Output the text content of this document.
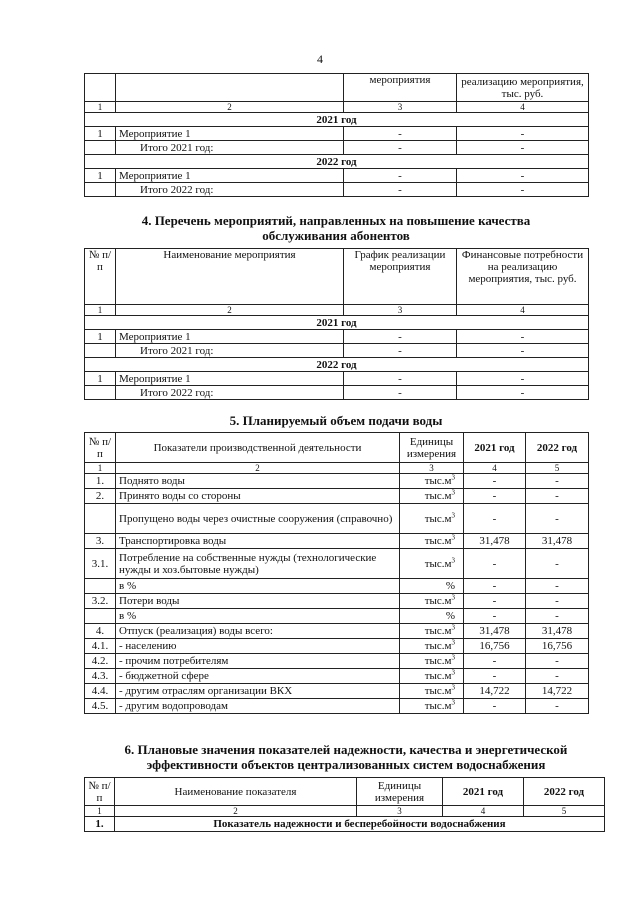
4
		мероприятия	реализацию мероприятия, тыс. руб.
1	2	3	4
2021 год			
1	Мероприятие 1	-	-
	Итого 2021 год:	-	-
2022 год			
1	Мероприятие 1	-	-
	Итого 2022 год:	-	-
4. Перечень мероприятий, направленных на повышение качества
обслуживания абонентов
№ п/п	Наименование мероприятия	График реализации мероприятия	Финансовые потребности на реализацию мероприятия, тыс. руб.
1	2	3	4
2021 год			
1	Мероприятие 1	-	-
	Итого 2021 год:	-	-
2022 год			
1	Мероприятие 1	-	-
	Итого 2022 год:	-	-
5. Планируемый объем подачи воды
№ п/п	Показатели производственной деятельности	Единицы измерения	2021 год	2022 год
1	2	3	4	5
1.	Поднято воды	$тыс.м^3$	-	-
2.	Принято воды со стороны	$тыс.м^3$	-	-
	Пропущено воды через очистные сооружения (справочно)	$тыс.м^3$	-	-
3.	Транспортировка воды	$тыс.м^3$	31,478	31,478
3.1.	Потребление на собственные нужды (технологические нужды и хоз.бытовые нужды)	$тыс.м^3$	-	-
	в %	%	-	-
3.2.	Потери воды	$тыс.м^3$	-	-
	в %	%	-	-
4.	Отпуск (реализация) воды всего:	$тыс.м^3$	31,478	31,478
4.1.	- населению	$тыс.м^3$	16,756	16,756
4.2.	- прочим потребителям	$тыс.м^3$	-	-
4.3.	- бюджетной сфере	$тыс.м^3$	-	-
4.4.	- другим отраслям организации ВКХ	$тыс.м^3$	14,722	14,722
4.5.	- другим водопроводам	$тыс.м^3$	-	-
6. Плановые значения показателей надежности, качества и энергетической
эффективности объектов централизованных систем водоснабжения
№ п/п	Наименование показателя	Единицы измерения	2021 год	2022 год
1	2	3	4	5
1.	Показатель надежности и бесперебойности водоснабжения			
